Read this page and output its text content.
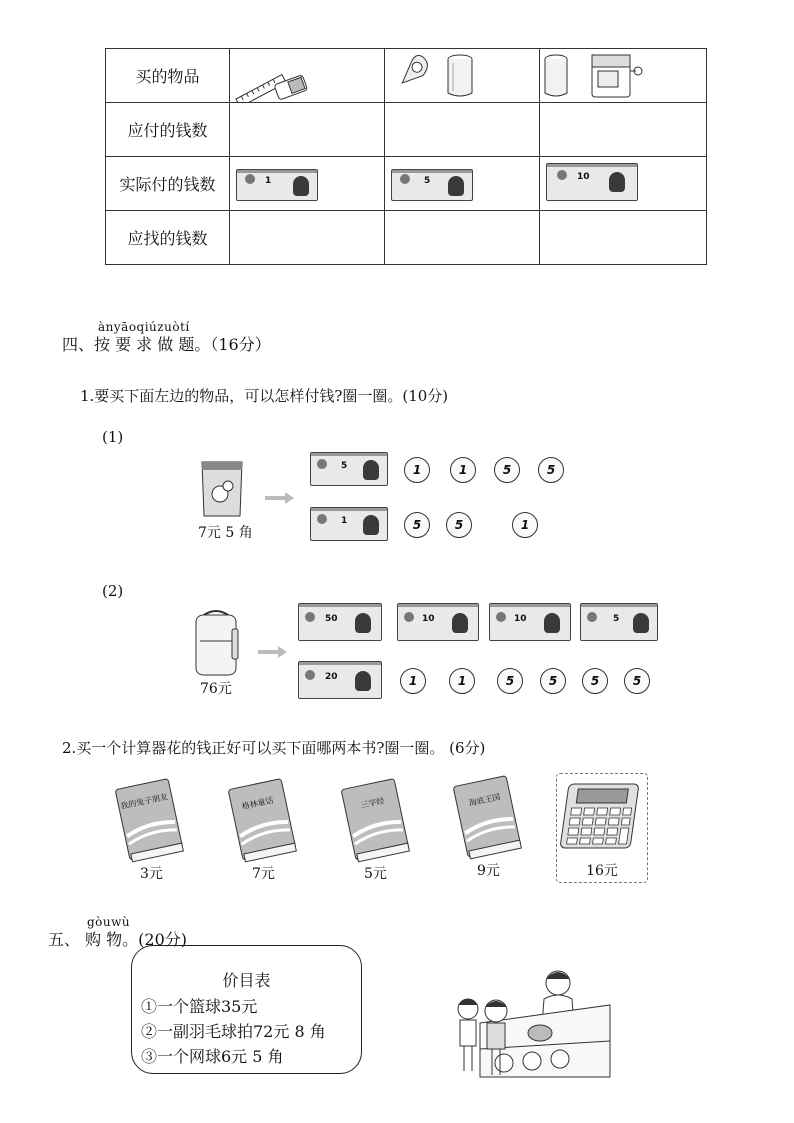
买的物品	

应付的钱数			
实际付的钱数	1	5	10

应找的钱数			
ànyāoqiúzuòtí
四、按 要 求 做 题。（16分）
1.要买下面左边的物品，可以怎样付钱?圈一圈。(10分)
(1)
7元 5 角
5	1	1	5	5
1	5	5	1
(2)
76元
50	10	10	5
20	1	1	5	5	5	5
2.买一个计算器花的钱正好可以买下面哪两本书?圈一圈。 (6分)
我的兔子朋友
3元
格林童话
7元
三字经
5元
海底王国
9元	16元
gòuwù
五、 购 物。(20分)
价目表
①一个篮球35元
②一副羽毛球拍72元 8 角
③一个网球6元 5 角
